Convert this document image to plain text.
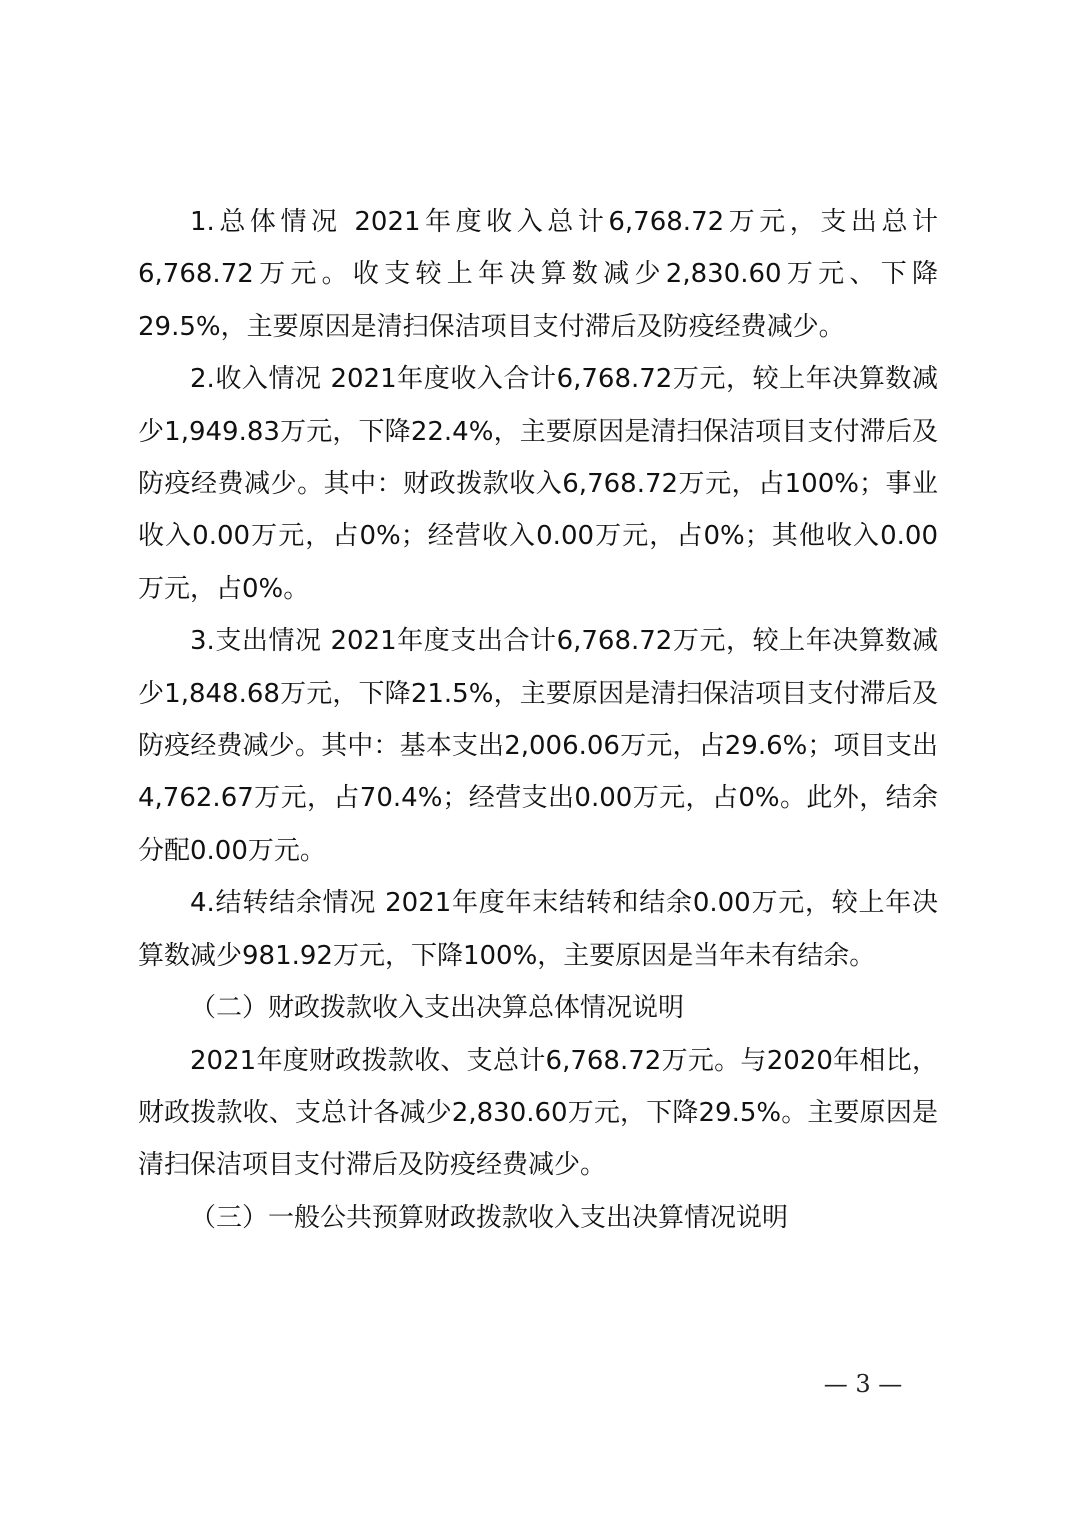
1.总体情况 2021年度收入总计6,768.72万元，支出总计6,768.72万元。收支较上年决算数减少2,830.60万元、下降29.5%，主要原因是清扫保洁项目支付滞后及防疫经费减少。

2.收入情况 2021年度收入合计6,768.72万元，较上年决算数减少1,949.83万元，下降22.4%，主要原因是清扫保洁项目支付滞后及防疫经费减少。其中：财政拨款收入6,768.72万元，占100%；事业收入0.00万元，占0%；经营收入0.00万元，占0%；其他收入0.00万元，占0%。

3.支出情况 2021年度支出合计6,768.72万元，较上年决算数减少1,848.68万元，下降21.5%，主要原因是清扫保洁项目支付滞后及防疫经费减少。其中：基本支出2,006.06万元，占29.6%；项目支出4,762.67万元，占70.4%；经营支出0.00万元，占0%。此外，结余分配0.00万元。

4.结转结余情况 2021年度年末结转和结余0.00万元，较上年决算数减少981.92万元，下降100%，主要原因是当年未有结余。

（二）财政拨款收入支出决算总体情况说明

2021年度财政拨款收、支总计6,768.72万元。与2020年相比，财政拨款收、支总计各减少2,830.60万元，下降29.5%。主要原因是清扫保洁项目支付滞后及防疫经费减少。

（三）一般公共预算财政拨款收入支出决算情况说明

— 3 —
